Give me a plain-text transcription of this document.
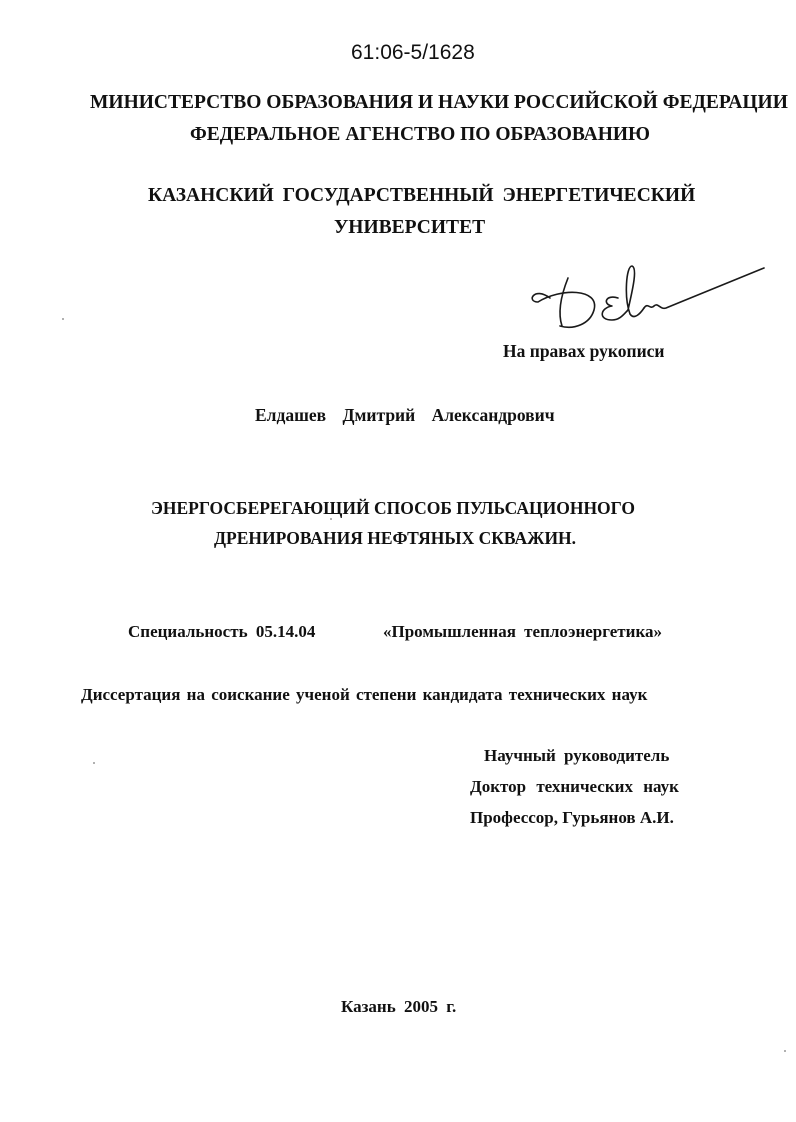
61:06-5/1628
МИНИСТЕРСТВО ОБРАЗОВАНИЯ И НАУКИ РОССИЙСКОЙ ФЕДЕРАЦИИ
ФЕДЕРАЛЬНОЕ АГЕНСТВО ПО ОБРАЗОВАНИЮ
КАЗАНСКИЙ ГОСУДАРСТВЕННЫЙ ЭНЕРГЕТИЧЕСКИЙ
УНИВЕРСИТЕТ
На правах рукописи
Елдашев Дмитрий Александрович
ЭНЕРГОСБЕРЕГАЮЩИЙ СПОСОБ ПУЛЬСАЦИОННОГО
ДРЕНИРОВАНИЯ НЕФТЯНЫХ СКВАЖИН.
Специальность 05.14.04	«Промышленная теплоэнергетика»
Диссертация на соискание ученой степени кандидата технических наук
Научный руководитель
Доктор технических наук
Профессор, Гурьянов А.И.
Казань 2005 г.
